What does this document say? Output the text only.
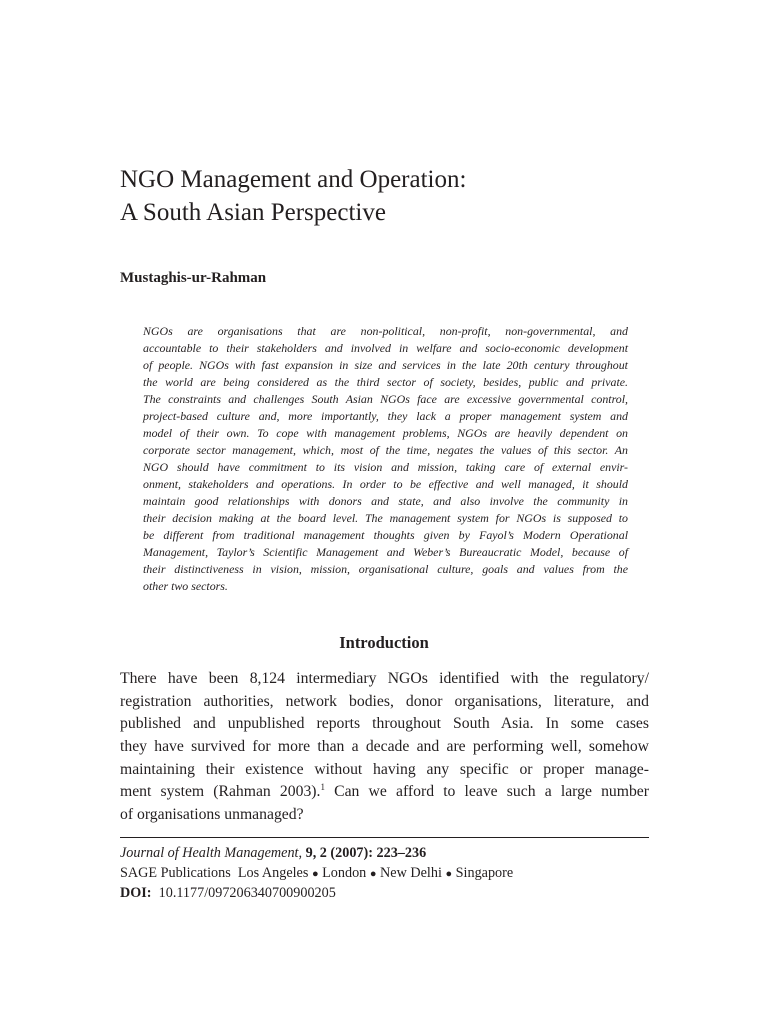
NGO Management and Operation:
A South Asian Perspective
Mustaghis-ur-Rahman
NGOs are organisations that are non-political, non-profit, non-governmental, and
accountable to their stakeholders and involved in welfare and socio-economic development
of people. NGOs with fast expansion in size and services in the late 20th century throughout
the world are being considered as the third sector of society, besides, public and private.
The constraints and challenges South Asian NGOs face are excessive governmental control,
project-based culture and, more importantly, they lack a proper management system and
model of their own. To cope with management problems, NGOs are heavily dependent on
corporate sector management, which, most of the time, negates the values of this sector. An
NGO should have commitment to its vision and mission, taking care of external envir-
onment, stakeholders and operations. In order to be effective and well managed, it should
maintain good relationships with donors and state, and also involve the community in
their decision making at the board level. The management system for NGOs is supposed to
be different from traditional management thoughts given by Fayol’s Modern Operational
Management, Taylor’s Scientific Management and Weber’s Bureaucratic Model, because of
their distinctiveness in vision, mission, organisational culture, goals and values from the
other two sectors.
Introduction
There have been 8,124 intermediary NGOs identified with the regulatory/
registration authorities, network bodies, donor organisations, literature, and
published and unpublished reports throughout South Asia. In some cases
they have survived for more than a decade and are performing well, somehow
maintaining their existence without having any specific or proper manage-
ment system (Rahman 2003).$^1$ Can we afford to leave such a large number
of organisations unmanaged?
Journal of Health Management, 9, 2 (2007): 223–236
SAGE Publications Los Angeles ● London ● New Delhi ● Singapore
DOI: 10.1177/097206340700900205
